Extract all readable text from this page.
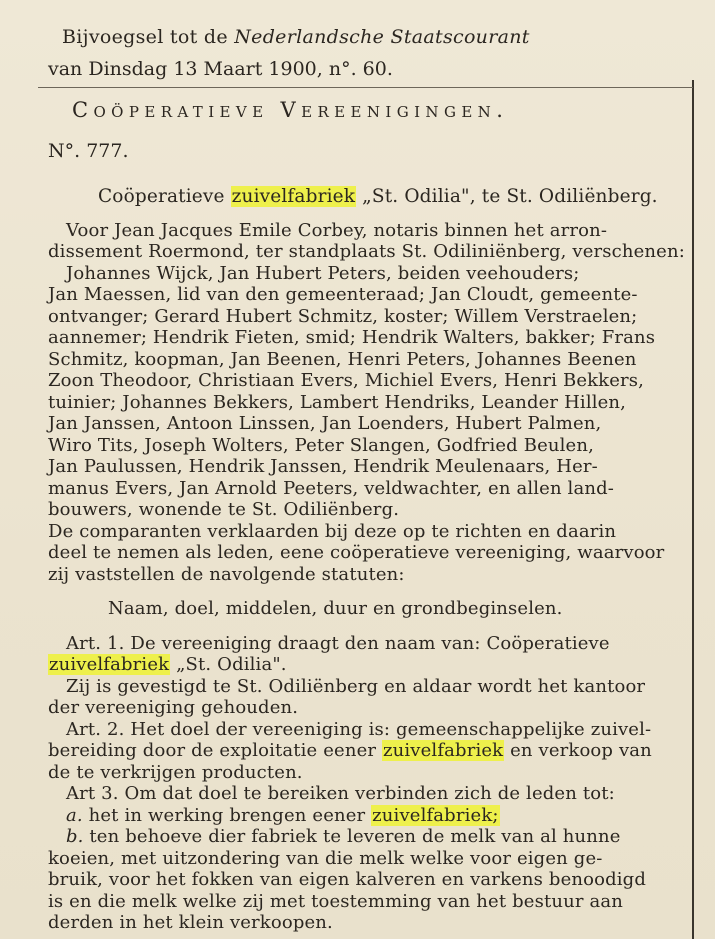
Bijvoegsel tot de Nederlandsche Staatscourant
van Dinsdag 13 Maart 1900, n°. 60.
Coöperatieve Vereenigingen.
N°. 777.
Coöperatieve zuivelfabriek „St. Odilia", te St. Odiliënberg.
Voor Jean Jacques Emile Corbey, notaris binnen het arron-
dissement Roermond, ter standplaats St. Odiliniënberg, verschenen:
Johannes Wijck, Jan Hubert Peters, beiden veehouders;
Jan Maessen, lid van den gemeenteraad; Jan Cloudt, gemeente-
ontvanger; Gerard Hubert Schmitz, koster; Willem Verstraelen;
aannemer; Hendrik Fieten, smid; Hendrik Walters, bakker; Frans
Schmitz, koopman, Jan Beenen, Henri Peters, Johannes Beenen
Zoon Theodoor, Christiaan Evers, Michiel Evers, Henri Bekkers,
tuinier; Johannes Bekkers, Lambert Hendriks, Leander Hillen,
Jan Janssen, Antoon Linssen, Jan Loenders, Hubert Palmen,
Wiro Tits, Joseph Wolters, Peter Slangen, Godfried Beulen,
Jan Paulussen, Hendrik Janssen, Hendrik Meulenaars, Her-
manus Evers, Jan Arnold Peeters, veldwachter, en allen land-
bouwers, wonende te St. Odiliënberg.
De comparanten verklaarden bij deze op te richten en daarin
deel te nemen als leden, eene coöperatieve vereeniging, waarvoor
zij vaststellen de navolgende statuten:
Naam, doel, middelen, duur en grondbeginselen.
Art. 1. De vereeniging draagt den naam van: Coöperatieve
zuivelfabriek „St. Odilia".
Zij is gevestigd te St. Odiliënberg en aldaar wordt het kantoor
der vereeniging gehouden.
Art. 2. Het doel der vereeniging is: gemeenschappelijke zuivel-
bereiding door de exploitatie eener zuivelfabriek en verkoop van
de te verkrijgen producten.
Art 3. Om dat doel te bereiken verbinden zich de leden tot:
a. het in werking brengen eener zuivelfabriek;
b. ten behoeve dier fabriek te leveren de melk van al hunne
koeien, met uitzondering van die melk welke voor eigen ge-
bruik, voor het fokken van eigen kalveren en varkens benoodigd
is en die melk welke zij met toestemming van het bestuur aan
derden in het klein verkoopen.
